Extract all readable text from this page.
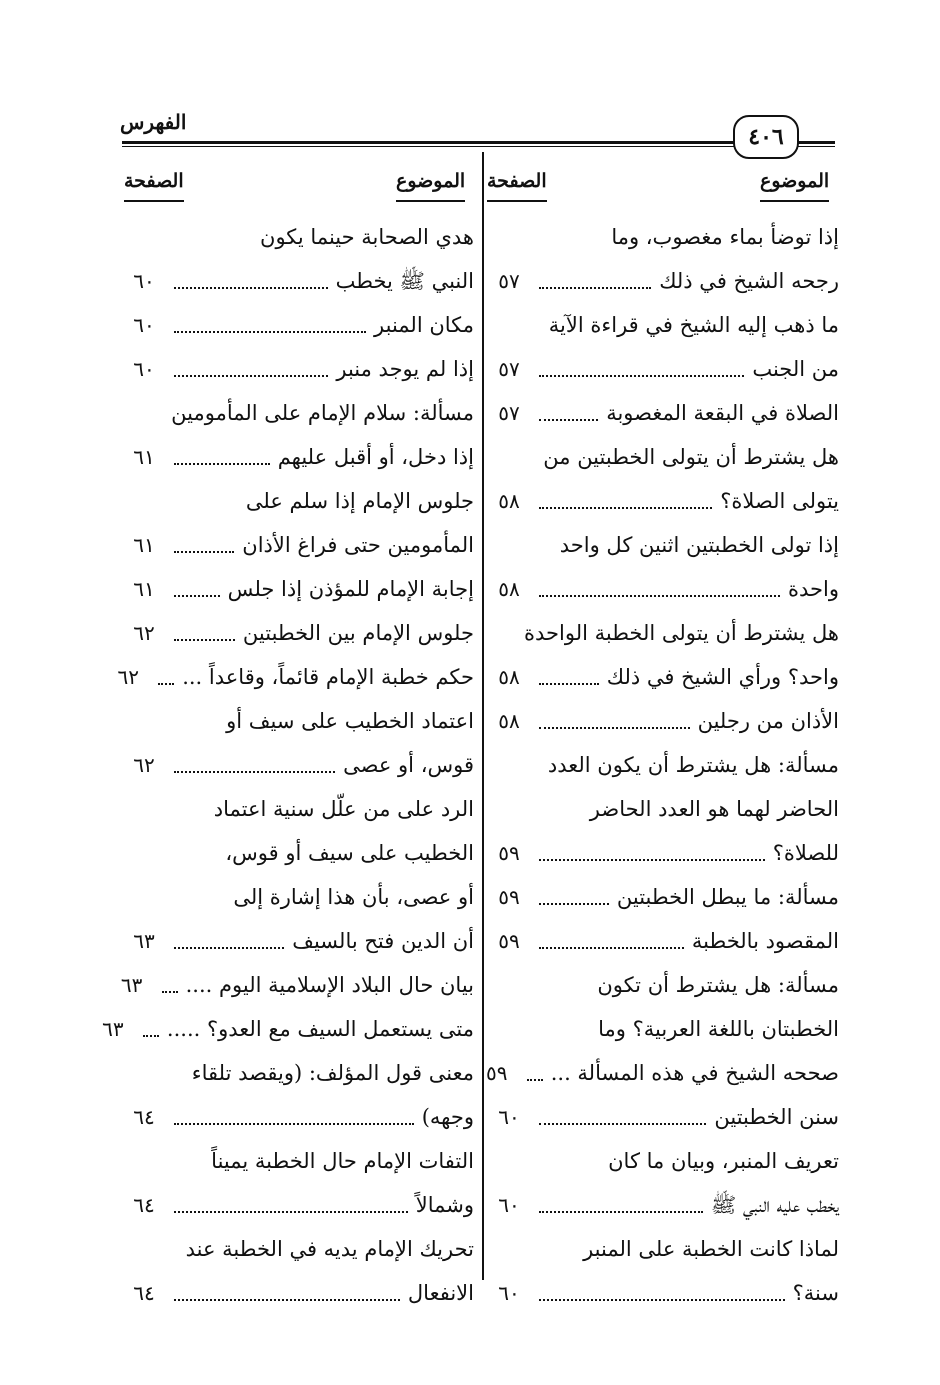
الفهرس
٤٠٦
الموضوع
الصفحة
الموضوع
الصفحة
إذا توضأ بماء مغصوب، وما
رجحه الشيخ في ذلك
٥٧
ما ذهب إليه الشيخ في قراءة الآية
من الجنب
٥٧
الصلاة في البقعة المغصوبة
٥٧
هل يشترط أن يتولى الخطبتين من
يتولى الصلاة؟
٥٨
إذا تولى الخطبتين اثنين كل واحد
واحدة
٥٨
هل يشترط أن يتولى الخطبة الواحدة
واحد؟ ورأي الشيخ في ذلك
٥٨
الأذان من رجلين
٥٨
مسألة: هل يشترط أن يكون العدد
الحاضر لهما هو العدد الحاضر
للصلاة؟
٥٩
مسألة: ما يبطل الخطبتين
٥٩
المقصود بالخطبة
٥٩
مسألة: هل يشترط أن تكون
الخطبتان باللغة العربية؟ وما
صححه الشيخ في هذه المسألة ...
٥٩
سنن الخطبتين
٦٠
تعريف المنبر، وبيان ما كان
يخطب عليه النبي ﷺ
٦٠
لماذا كانت الخطبة على المنبر
سنة؟
٦٠
هدي الصحابة حينما يكون
النبي ﷺ يخطب
٦٠
مكان المنبر
٦٠
إذا لم يوجد منبر
٦٠
مسألة: سلام الإمام على المأمومين
إذا دخل، أو أقبل عليهم
٦١
جلوس الإمام إذا سلم على
المأمومين حتى فراغ الأذان
٦١
إجابة الإمام للمؤذن إذا جلس
٦١
جلوس الإمام بين الخطبتين
٦٢
حكم خطبة الإمام قائماً، وقاعداً ...
٦٢
اعتماد الخطيب على سيف أو
قوس، أو عصى
٦٢
الرد على من علّل سنية اعتماد
الخطيب على سيف أو قوس،
أو عصى، بأن هذا إشارة إلى
أن الدين فتح بالسيف
٦٣
بيان حال البلاد الإسلامية اليوم ....
٦٣
متى يستعمل السيف مع العدو؟ .....
٦٣
معنى قول المؤلف: (ويقصد تلقاء
وجهه)
٦٤
التفات الإمام حال الخطبة يميناً
وشمالاً
٦٤
تحريك الإمام يديه في الخطبة عند
الانفعال
٦٤
